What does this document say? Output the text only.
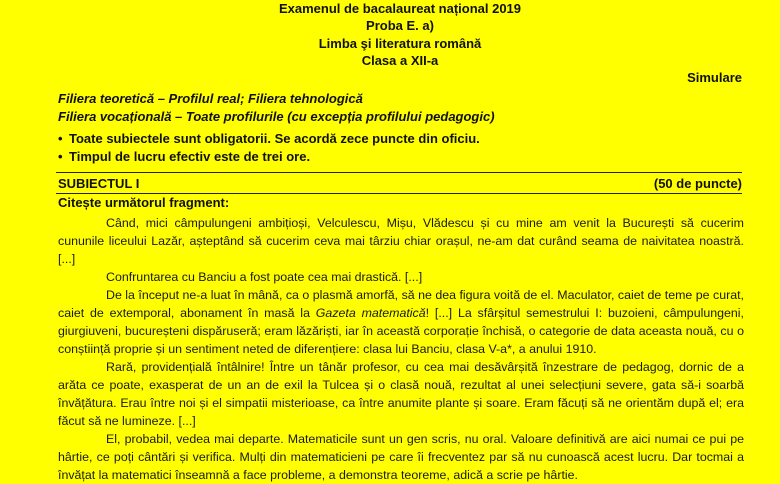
Examenul de bacalaureat național 2019
Proba E. a)
Limba şi literatura română
Clasa a XII-a
Simulare
Filiera teoretică – Profilul real; Filiera tehnologică
Filiera vocațională – Toate profilurile (cu excepția profilului pedagogic)
• Toate subiectele sunt obligatorii. Se acordă zece puncte din oficiu.
• Timpul de lucru efectiv este de trei ore.
SUBIECTUL I	(50 de puncte)
Citește următorul fragment:

Când, mici câmpulungeni ambițioși, Velculescu, Mișu, Vlădescu și cu mine am venit la București să cucerim cununile liceului Lazăr, așteptând să cucerim ceva mai târziu chiar orașul, ne-am dat curând seama de naivitatea noastră. [...]

Confruntarea cu Banciu a fost poate cea mai drastică. [...]

De la început ne-a luat în mână, ca o plasmă amorfă, să ne dea figura voită de el. Maculator, caiet de teme pe curat, caiet de extemporal, abonament în masă la Gazeta matematică! [...] La sfârșitul semestrului I: buzoieni, câmpulungeni, giurgiuveni, bucureșteni dispăruseră; eram lăzăriști, iar în această corporație închisă, o categorie de data aceasta nouă, cu o conștiință proprie și un sentiment neted de diferențiere: clasa lui Banciu, clasa V-a*, a anului 1910.

Rară, providențială întâlnire! Între un tânăr profesor, cu cea mai desăvârșită înzestrare de pedagog, dornic de a arăta ce poate, exasperat de un an de exil la Tulcea și o clasă nouă, rezultat al unei selecțiuni severe, gata să-i soarbă învățătura. Erau între noi și el simpatii misterioase, ca între anumite plante și soare. Eram făcuți să ne orientăm după el; era făcut să ne lumineze. [...]

El, probabil, vedea mai departe. Matematicile sunt un gen scris, nu oral. Valoare definitivă are aici numai ce pui pe hârtie, ce poți cântări și verifica. Mulți din matematicieni pe care îi frecventez par să nu cunoască acest lucru. Dar tocmai a învățat la matematici înseamnă a face probleme, a demonstra teoreme, adică a scrie pe hârtie.
